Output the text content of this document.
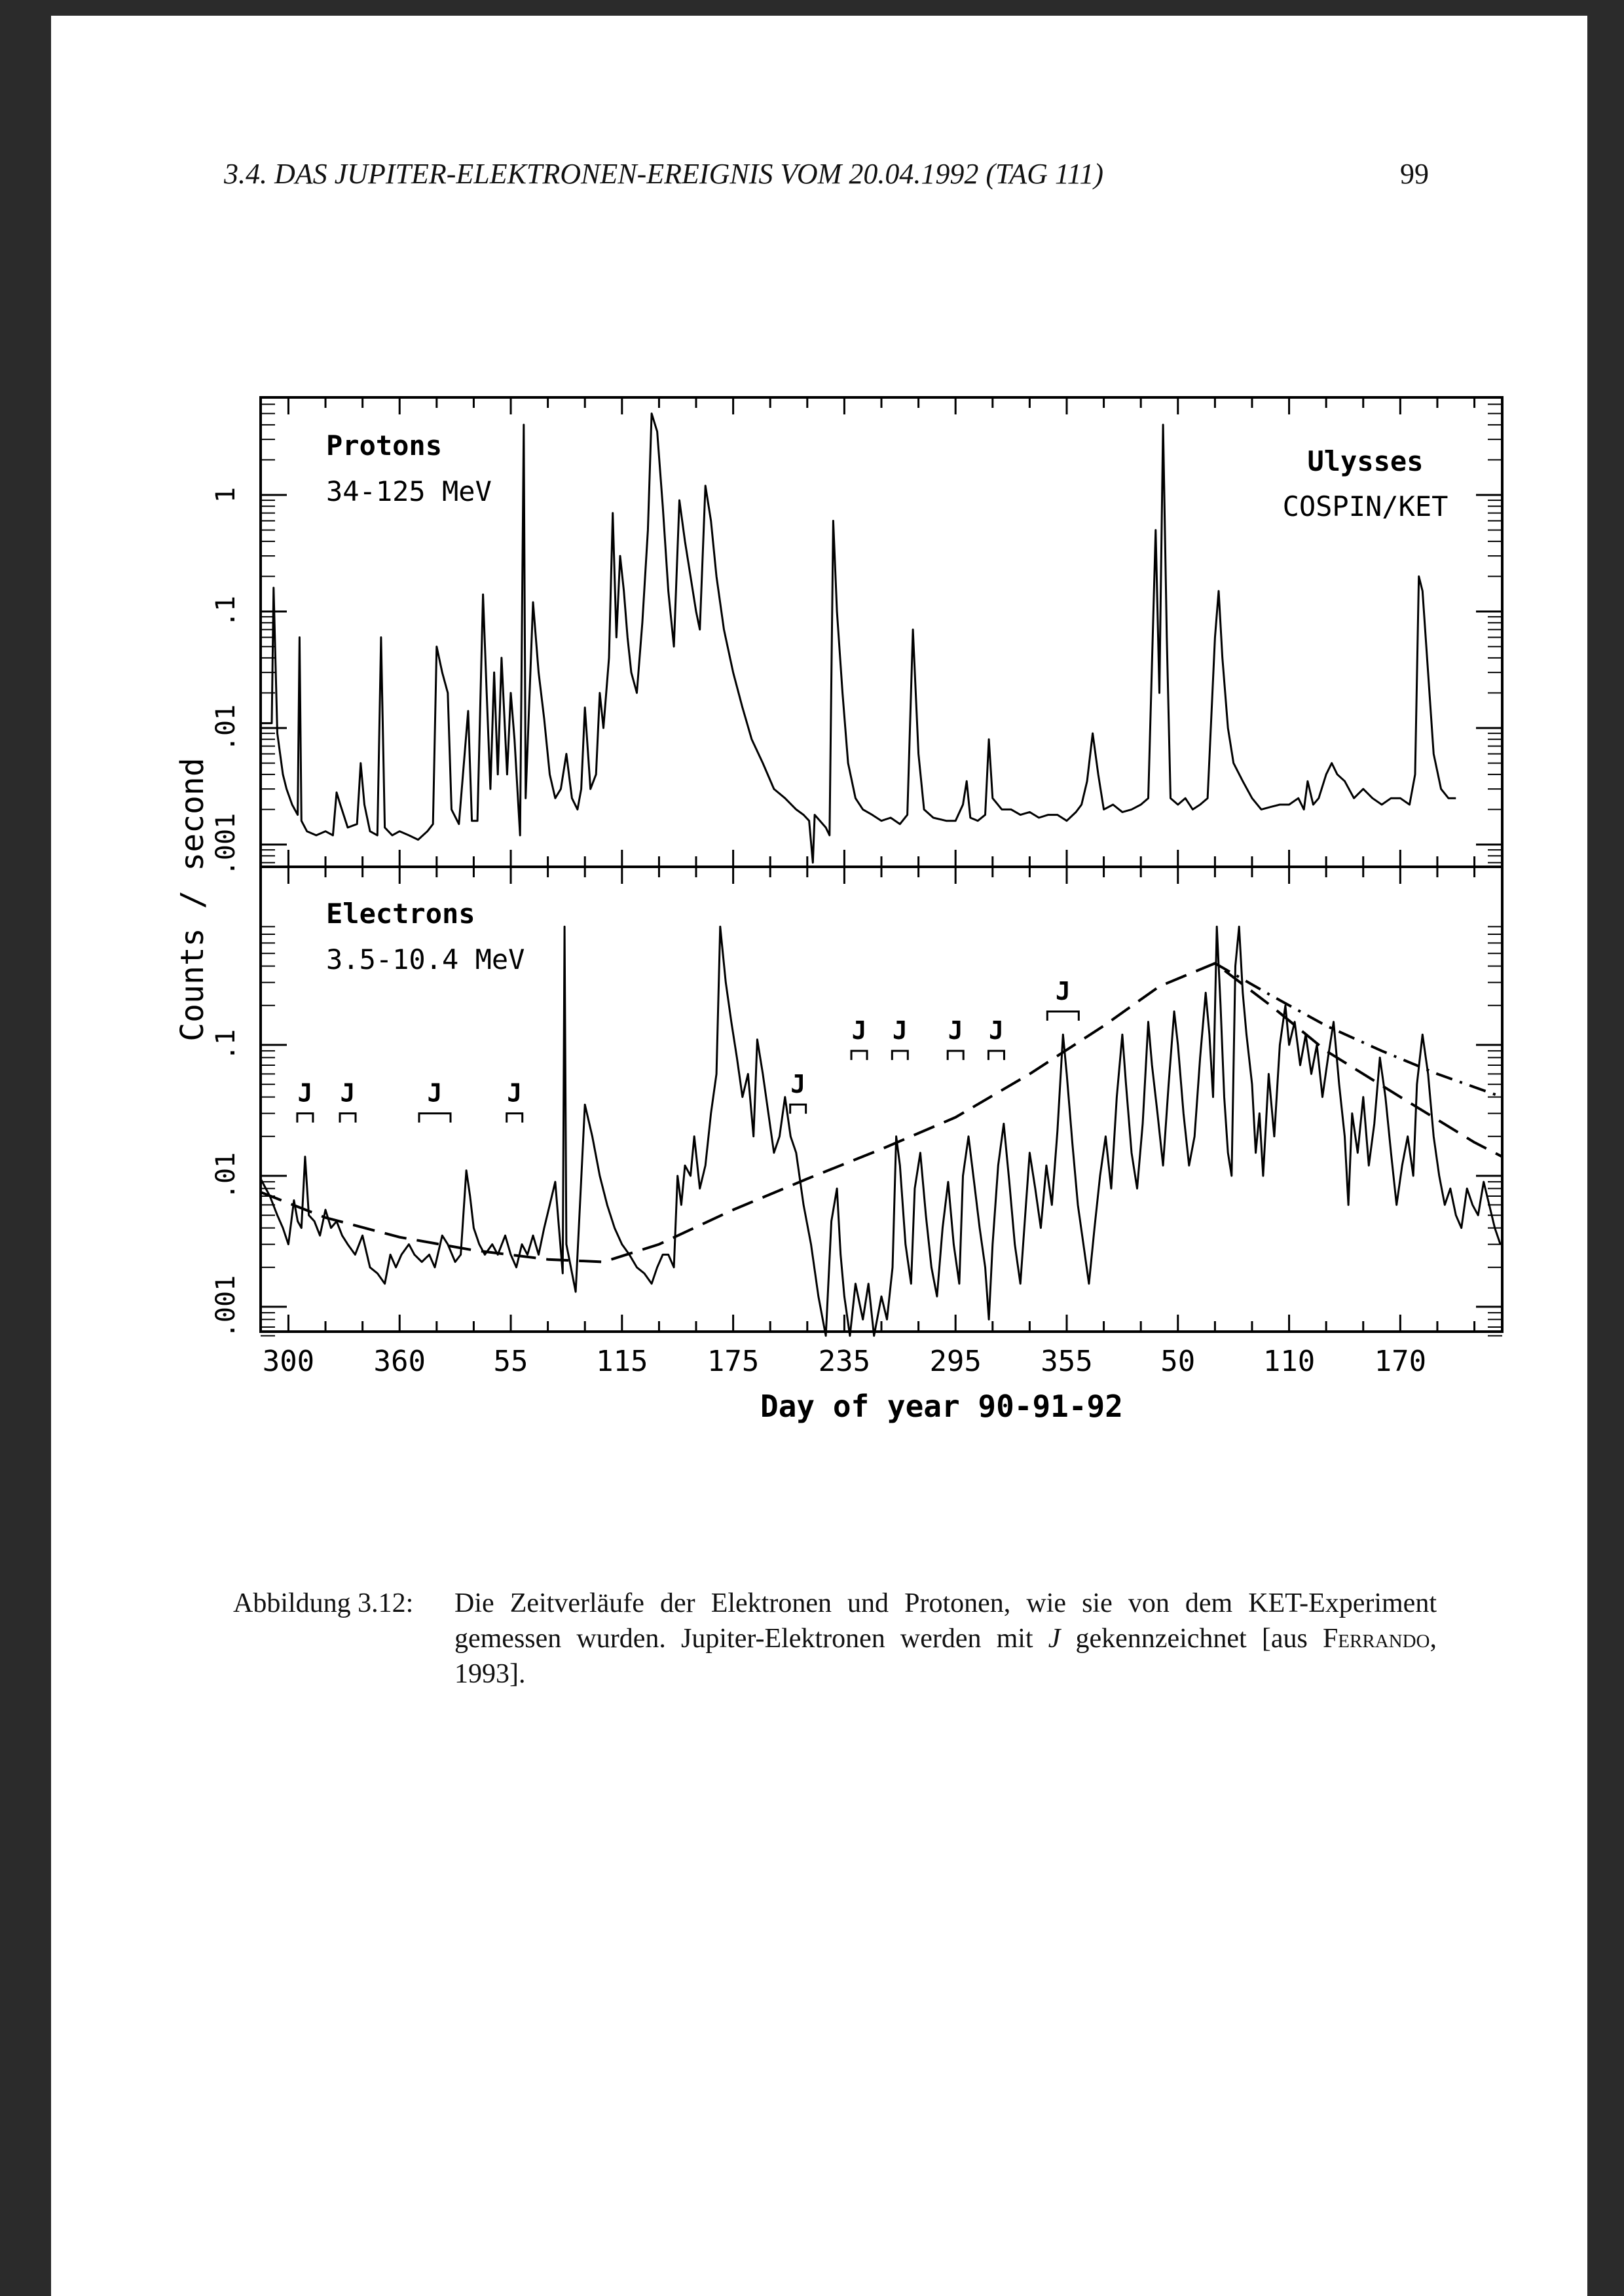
3.4. DAS JUPITER-ELEKTRONEN-EREIGNIS VOM 20.04.1992 (TAG 111)	99
.001
.01
.1
1
Protons
34-125 MeV
.001
.01
.1
Electrons
3.5-10.4 MeV
Ulysses
COSPIN/KET
J J	J	J	J
J J J J
J
300 360 55 115 175 235 295 355 50 110 170
Day of year 90-91-92
Counts / second
Abbildung 3.12: Die Zeitverläufe der Elektronen und Protonen, wie sie von dem KET-Experiment gemessen wurden. Jupiter-Elektronen werden mit J gekennzeichnet [aus Ferrando, 1993].
